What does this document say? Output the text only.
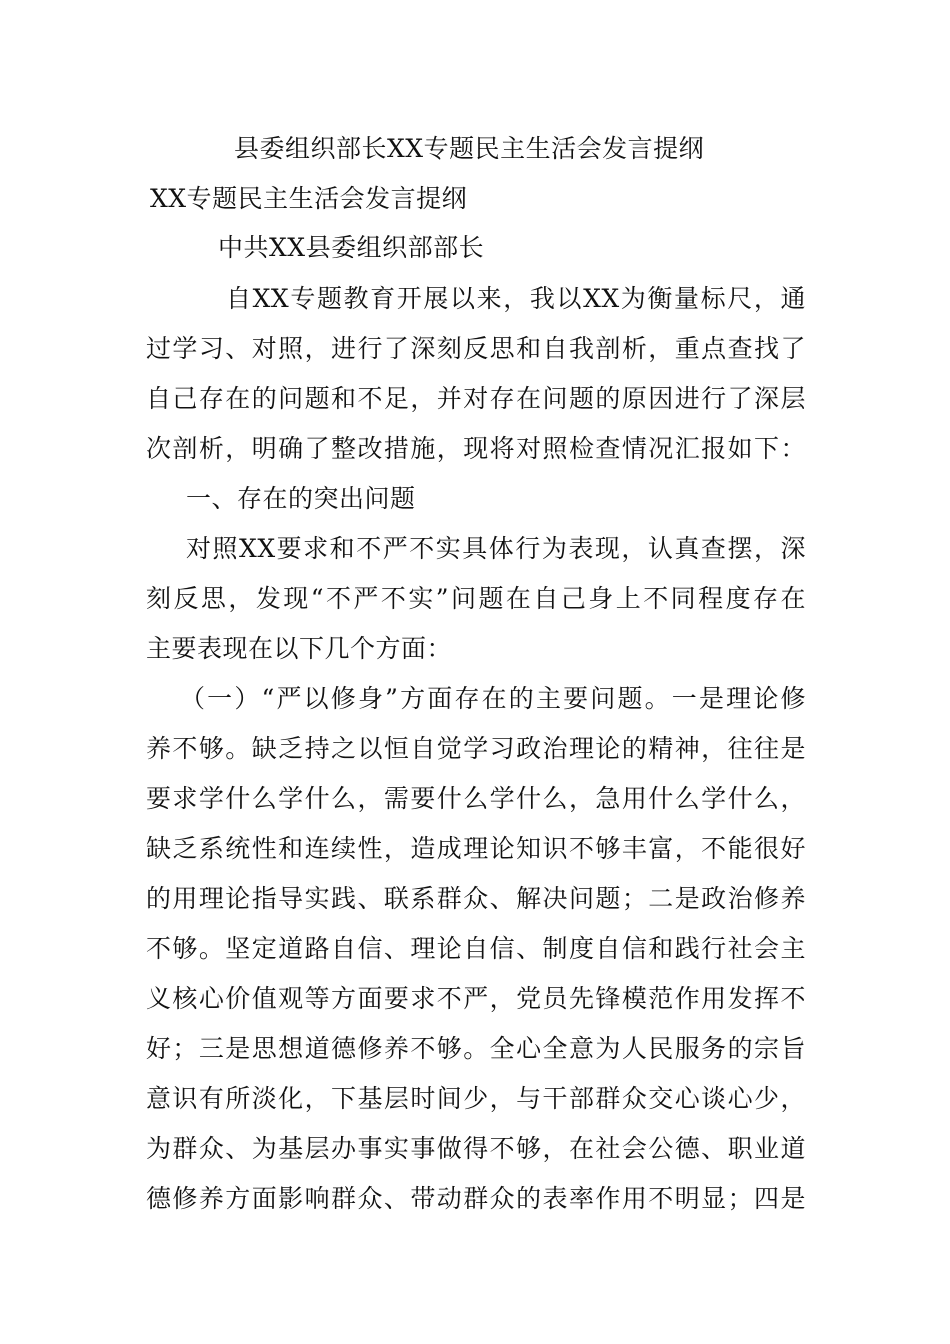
县委组织部长XX专题民主生活会发言提纲
XX专题民主生活会发言提纲
中共XX县委组织部部长
自XX专题教育开展以来，我以XX为衡量标尺，通
过学习、对照，进行了深刻反思和自我剖析，重点查找了
自己存在的问题和不足，并对存在问题的原因进行了深层
次剖析，明确了整改措施，现将对照检查情况汇报如下：
一、存在的突出问题
对照XX要求和不严不实具体行为表现，认真查摆，深
刻反思，发现“不严不实”问题在自己身上不同程度存在
主要表现在以下几个方面：
（一）“严以修身”方面存在的主要问题。一是理论修
养不够。缺乏持之以恒自觉学习政治理论的精神，往往是
要求学什么学什么，需要什么学什么，急用什么学什么，
缺乏系统性和连续性，造成理论知识不够丰富，不能很好
的用理论指导实践、联系群众、解决问题；二是政治修养
不够。坚定道路自信、理论自信、制度自信和践行社会主
义核心价值观等方面要求不严，党员先锋模范作用发挥不
好；三是思想道德修养不够。全心全意为人民服务的宗旨
意识有所淡化，下基层时间少，与干部群众交心谈心少，
为群众、为基层办事实事做得不够，在社会公德、职业道
德修养方面影响群众、带动群众的表率作用不明显；四是
